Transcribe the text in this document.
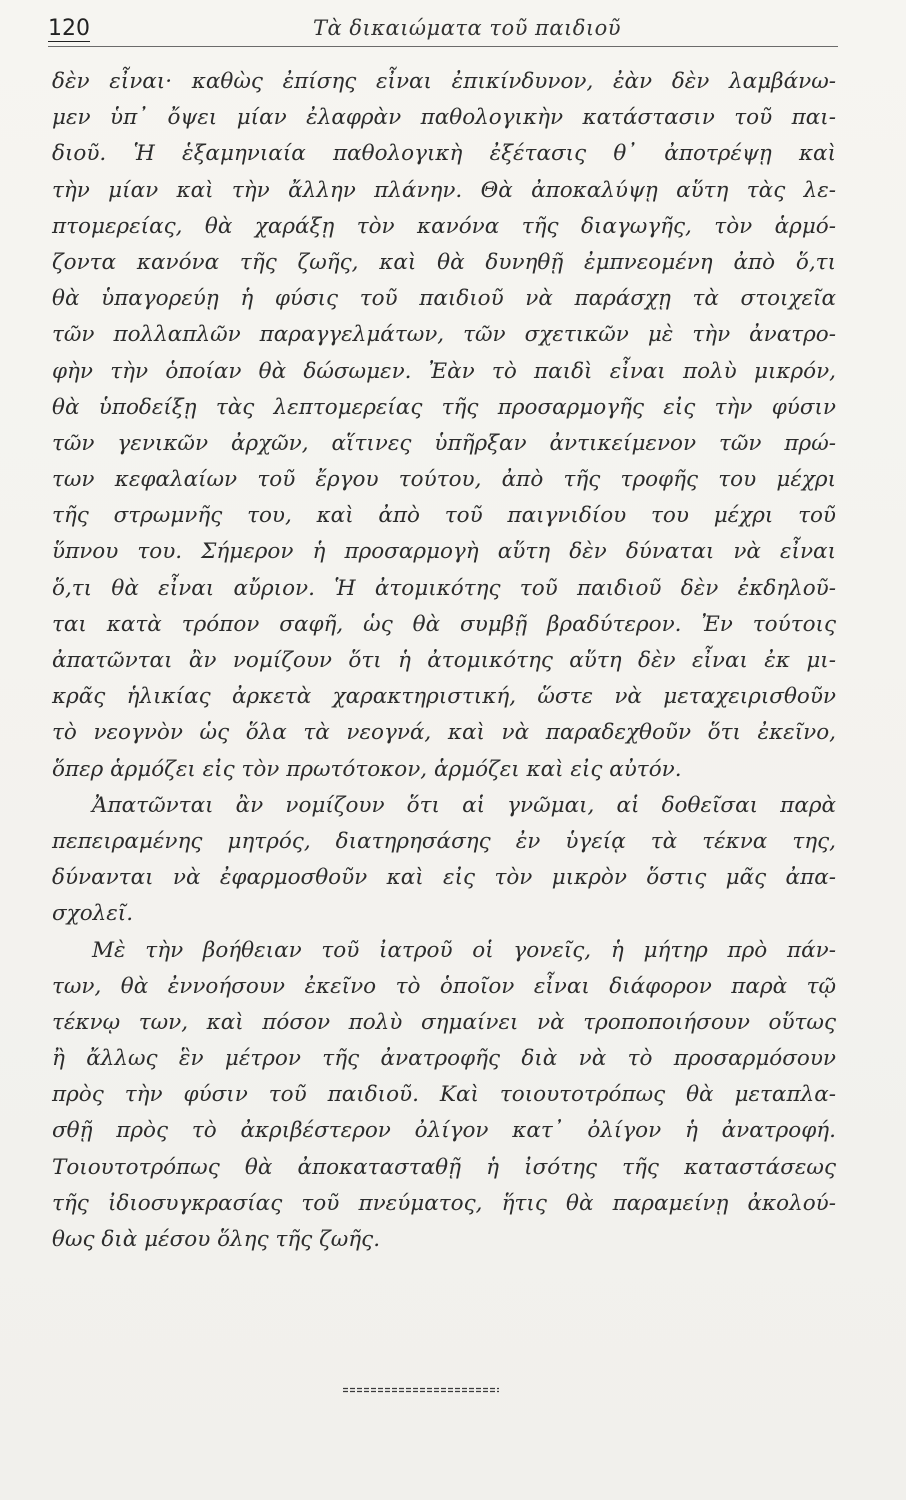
120	Τὰ δικαιώματα τοῦ παιδιοῦ
δὲν εἶναι· καθὼς ἐπίσης εἶναι ἐπικίνδυνον, ἐὰν δὲν λαμβάνω-
μεν ὑπ᾿ ὄψει μίαν ἐλαφρὰν παθολογικὴν κατάστασιν τοῦ παι-
διοῦ. Ἡ ἑξαμηνιαία παθολογικὴ ἐξέτασις θ᾿ ἀποτρέψῃ καὶ
τὴν μίαν καὶ τὴν ἄλλην πλάνην. Θὰ ἀποκαλύψῃ αὕτη τὰς λε-
πτομερείας, θὰ χαράξῃ τὸν κανόνα τῆς διαγωγῆς, τὸν ἁρμό-
ζοντα κανόνα τῆς ζωῆς, καὶ θὰ δυνηθῇ ἐμπνεομένη ἀπὸ ὅ,τι
θὰ ὑπαγορεύῃ ἡ φύσις τοῦ παιδιοῦ νὰ παράσχῃ τὰ στοιχεῖα
τῶν πολλαπλῶν παραγγελμάτων, τῶν σχετικῶν μὲ τὴν ἀνατρο-
φὴν τὴν ὁποίαν θὰ δώσωμεν. Ἐὰν τὸ παιδὶ εἶναι πολὺ μικρόν,
θὰ ὑποδείξῃ τὰς λεπτομερείας τῆς προσαρμογῆς εἰς τὴν φύσιν
τῶν γενικῶν ἀρχῶν, αἵτινες ὑπῆρξαν ἀντικείμενον τῶν πρώ-
των κεφαλαίων τοῦ ἔργου τούτου, ἀπὸ τῆς τροφῆς του μέχρι
τῆς στρωμνῆς του, καὶ ἀπὸ τοῦ παιγνιδίου του μέχρι τοῦ
ὕπνου του. Σήμερον ἡ προσαρμογὴ αὕτη δὲν δύναται νὰ εἶναι
ὅ,τι θὰ εἶναι αὔριον. Ἡ ἀτομικότης τοῦ παιδιοῦ δὲν ἐκδηλοῦ-
ται κατὰ τρόπον σαφῆ, ὡς θὰ συμβῇ βραδύτερον. Ἐν τούτοις
ἀπατῶνται ἂν νομίζουν ὅτι ἡ ἀτομικότης αὕτη δὲν εἶναι ἐκ μι-
κρᾶς ἡλικίας ἀρκετὰ χαρακτηριστική, ὥστε νὰ μεταχειρισθοῦν
τὸ νεογνὸν ὡς ὅλα τὰ νεογνά, καὶ νὰ παραδεχθοῦν ὅτι ἐκεῖνο,
ὅπερ ἁρμόζει εἰς τὸν πρωτότοκον, ἁρμόζει καὶ εἰς αὐτόν.
Ἀπατῶνται ἂν νομίζουν ὅτι αἱ γνῶμαι, αἱ δοθεῖσαι παρὰ
πεπειραμένης μητρός, διατηρησάσης ἐν ὑγείᾳ τὰ τέκνα της,
δύνανται νὰ ἐφαρμοσθοῦν καὶ εἰς τὸν μικρὸν ὅστις μᾶς ἀπα-
σχολεῖ.
Μὲ τὴν βοήθειαν τοῦ ἰατροῦ οἱ γονεῖς, ἡ μήτηρ πρὸ πάν-
των, θὰ ἐννοήσουν ἐκεῖνο τὸ ὁποῖον εἶναι διάφορον παρὰ τῷ
τέκνῳ των, καὶ πόσον πολὺ σημαίνει νὰ τροποποιήσουν οὕτως
ἢ ἄλλως ἓν μέτρον τῆς ἀνατροφῆς διὰ νὰ τὸ προσαρμόσουν
πρὸς τὴν φύσιν τοῦ παιδιοῦ. Καὶ τοιουτοτρόπως θὰ μεταπλα-
σθῇ πρὸς τὸ ἀκριβέστερον ὀλίγον κατ᾿ ὀλίγον ἡ ἀνατροφή.
Τοιουτοτρόπως θὰ ἀποκατασταθῇ ἡ ἰσότης τῆς καταστάσεως
τῆς ἰδιοσυγκρασίας τοῦ πνεύματος, ἥτις θὰ παραμείνῃ ἀκολού-
θως διὰ μέσου ὅλης τῆς ζωῆς.
